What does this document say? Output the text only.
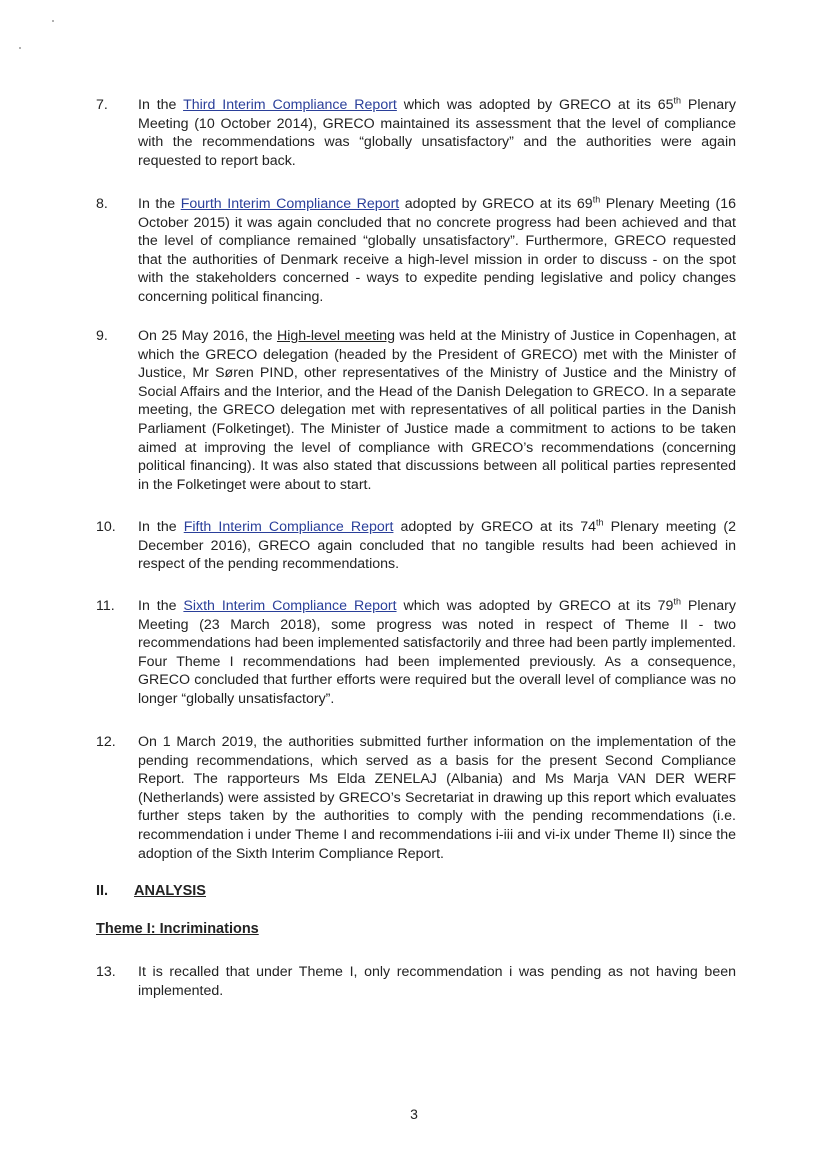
7.	In the Third Interim Compliance Report which was adopted by GRECO at its 65th Plenary Meeting (10 October 2014), GRECO maintained its assessment that the level of compliance with the recommendations was “globally unsatisfactory” and the authorities were again requested to report back.
8.	In the Fourth Interim Compliance Report adopted by GRECO at its 69th Plenary Meeting (16 October 2015) it was again concluded that no concrete progress had been achieved and that the level of compliance remained “globally unsatisfactory”. Furthermore, GRECO requested that the authorities of Denmark receive a high-level mission in order to discuss - on the spot with the stakeholders concerned - ways to expedite pending legislative and policy changes concerning political financing.
9.	On 25 May 2016, the High-level meeting was held at the Ministry of Justice in Copenhagen, at which the GRECO delegation (headed by the President of GRECO) met with the Minister of Justice, Mr Søren PIND, other representatives of the Ministry of Justice and the Ministry of Social Affairs and the Interior, and the Head of the Danish Delegation to GRECO. In a separate meeting, the GRECO delegation met with representatives of all political parties in the Danish Parliament (Folketinget). The Minister of Justice made a commitment to actions to be taken aimed at improving the level of compliance with GRECO’s recommendations (concerning political financing). It was also stated that discussions between all political parties represented in the Folketinget were about to start.
10.	In the Fifth Interim Compliance Report adopted by GRECO at its 74th Plenary meeting (2 December 2016), GRECO again concluded that no tangible results had been achieved in respect of the pending recommendations.
11.	In the Sixth Interim Compliance Report which was adopted by GRECO at its 79th Plenary Meeting (23 March 2018), some progress was noted in respect of Theme II - two recommendations had been implemented satisfactorily and three had been partly implemented. Four Theme I recommendations had been implemented previously. As a consequence, GRECO concluded that further efforts were required but the overall level of compliance was no longer “globally unsatisfactory”.
12.	On 1 March 2019, the authorities submitted further information on the implementation of the pending recommendations, which served as a basis for the present Second Compliance Report. The rapporteurs Ms Elda ZENELAJ (Albania) and Ms Marja VAN DER WERF (Netherlands) were assisted by GRECO’s Secretariat in drawing up this report which evaluates further steps taken by the authorities to comply with the pending recommendations (i.e. recommendation i under Theme I and recommendations i-iii and vi-ix under Theme II) since the adoption of the Sixth Interim Compliance Report.
II. ANALYSIS
Theme I: Incriminations
13.	It is recalled that under Theme I, only recommendation i was pending as not having been implemented.
3
